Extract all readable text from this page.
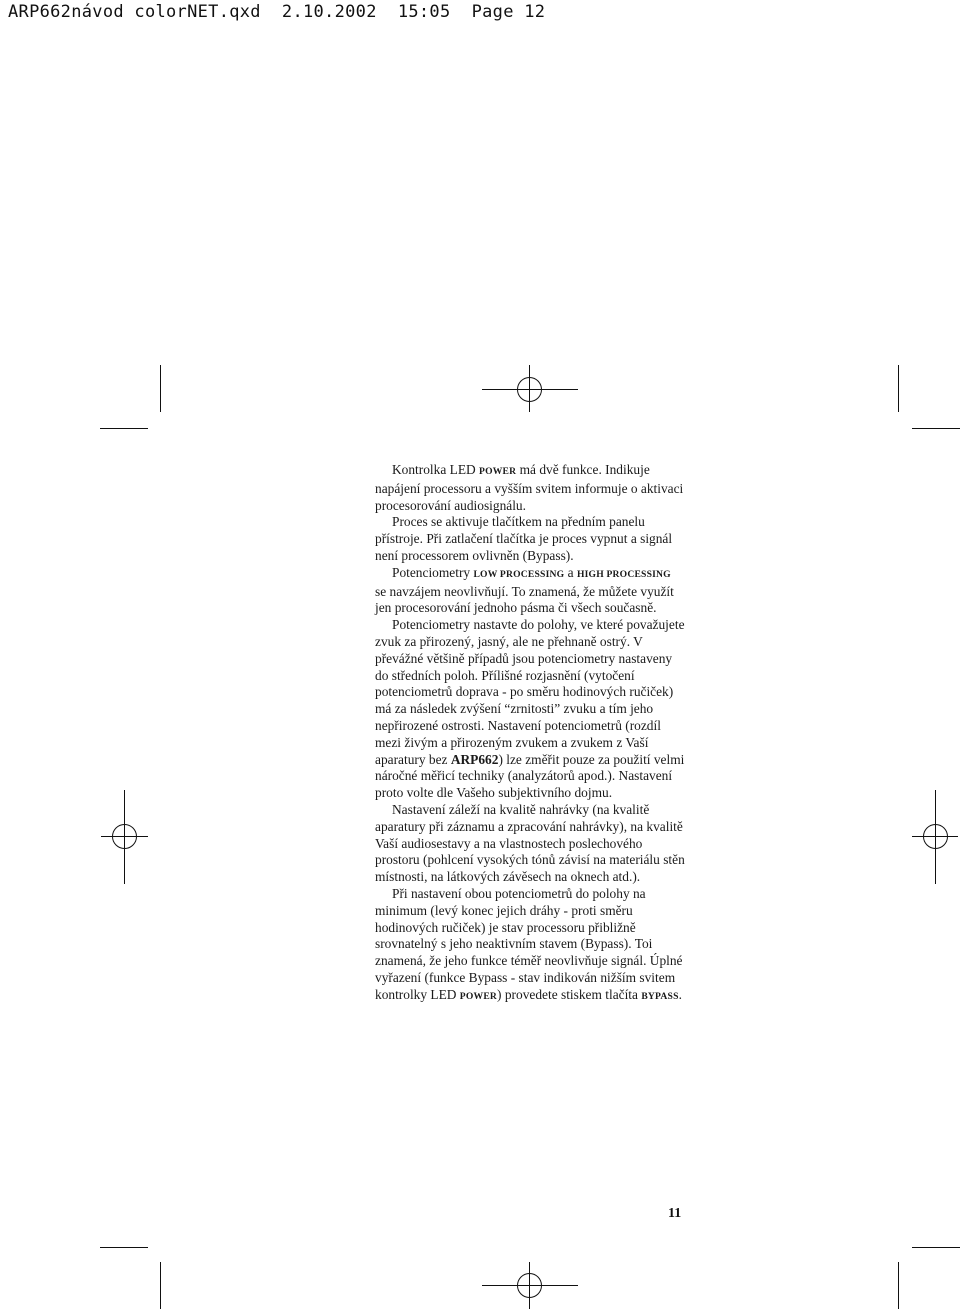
ARP662návod colorNET.qxd 2.10.2002 15:05 Page 12

Kontrolka LED POWER má dvě funkce. Indikuje napájení processoru a vyšším svitem informuje o aktivaci procesorování audiosignálu.

Proces se aktivuje tlačítkem na předním panelu přístroje. Při zatlačení tlačítka je proces vypnut a signál není processorem ovlivněn (Bypass).

Potenciometry LOW PROCESSING a HIGH PROCESSING se navzájem neovlivňují. To znamená, že můžete využít jen procesorování jednoho pásma či všech současně.

Potenciometry nastavte do polohy, ve které považujete zvuk za přirozený, jasný, ale ne přehnaně ostrý. V převážné většině případů jsou potenciometry nastaveny do středních poloh. Přílišné rozjasnění (vytočení potenciometrů doprava - po směru hodinových ručiček) má za následek zvýšení “zrnitosti” zvuku a tím jeho nepřirozené ostrosti. Nastavení potenciometrů (rozdíl mezi živým a přirozeným zvukem a zvukem z Vaší aparatury bez ARP662) lze změřit pouze za použití velmi náročné měřicí techniky (analyzátorů apod.). Nastavení proto volte dle Vašeho subjektivního dojmu.

Nastavení záleží na kvalitě nahrávky (na kvalitě aparatury při záznamu a zpracování nahrávky), na kvalitě Vaší audiosestavy a na vlastnostech poslechového prostoru (pohlcení vysokých tónů závisí na materiálu stěn místnosti, na látkových závěsech na oknech atd.).

Při nastavení obou potenciometrů do polohy na minimum (levý konec jejich dráhy - proti směru hodinových ručiček) je stav processoru přibližně srovnatelný s jeho neaktivním stavem (Bypass). Toi znamená, že jeho funkce téměř neovlivňuje signál. Úplné vyřazení (funkce Bypass - stav indikován nižším svitem kontrolky LED POWER) provedete stiskem tlačíta BYPASS.

11
